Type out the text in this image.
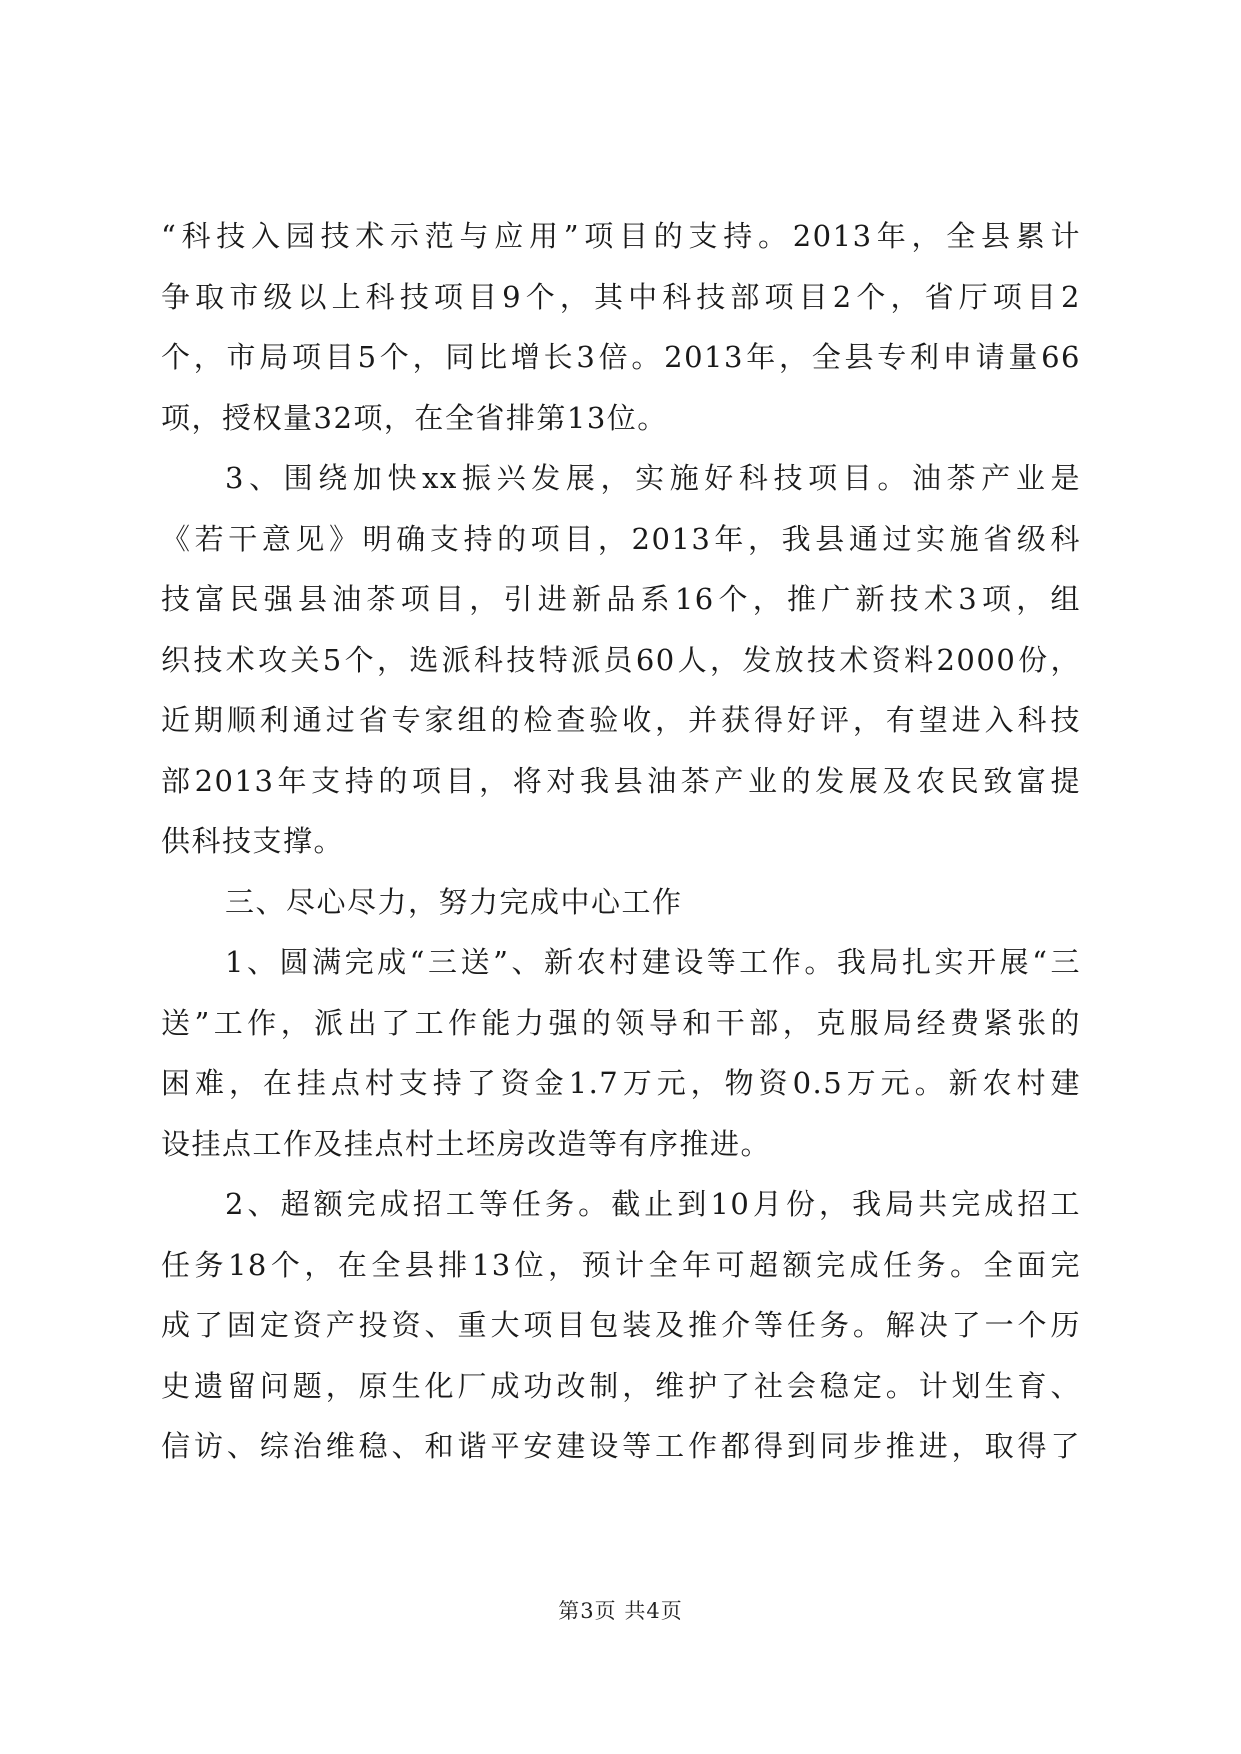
“科技入园技术示范与应用”项目的支持。2013年，全县累计
争取市级以上科技项目9个，其中科技部项目2个，省厅项目2
个，市局项目5个，同比增长3倍。2013年，全县专利申请量66
项，授权量32项，在全省排第13位。
3、围绕加快xx振兴发展，实施好科技项目。油茶产业是
《若干意见》明确支持的项目，2013年，我县通过实施省级科
技富民强县油茶项目，引进新品系16个，推广新技术3项，组
织技术攻关5个，选派科技特派员60人，发放技术资料2000份，
近期顺利通过省专家组的检查验收，并获得好评，有望进入科技
部2013年支持的项目，将对我县油茶产业的发展及农民致富提
供科技支撑。
三、尽心尽力，努力完成中心工作
1、圆满完成“三送”、新农村建设等工作。我局扎实开展“三
送”工作，派出了工作能力强的领导和干部，克服局经费紧张的
困难，在挂点村支持了资金1.7万元，物资0.5万元。新农村建
设挂点工作及挂点村土坯房改造等有序推进。
2、超额完成招工等任务。截止到10月份，我局共完成招工
任务18个，在全县排13位，预计全年可超额完成任务。全面完
成了固定资产投资、重大项目包装及推介等任务。解决了一个历
史遗留问题，原生化厂成功改制，维护了社会稳定。计划生育、
信访、综治维稳、和谐平安建设等工作都得到同步推进，取得了
第3页 共4页
